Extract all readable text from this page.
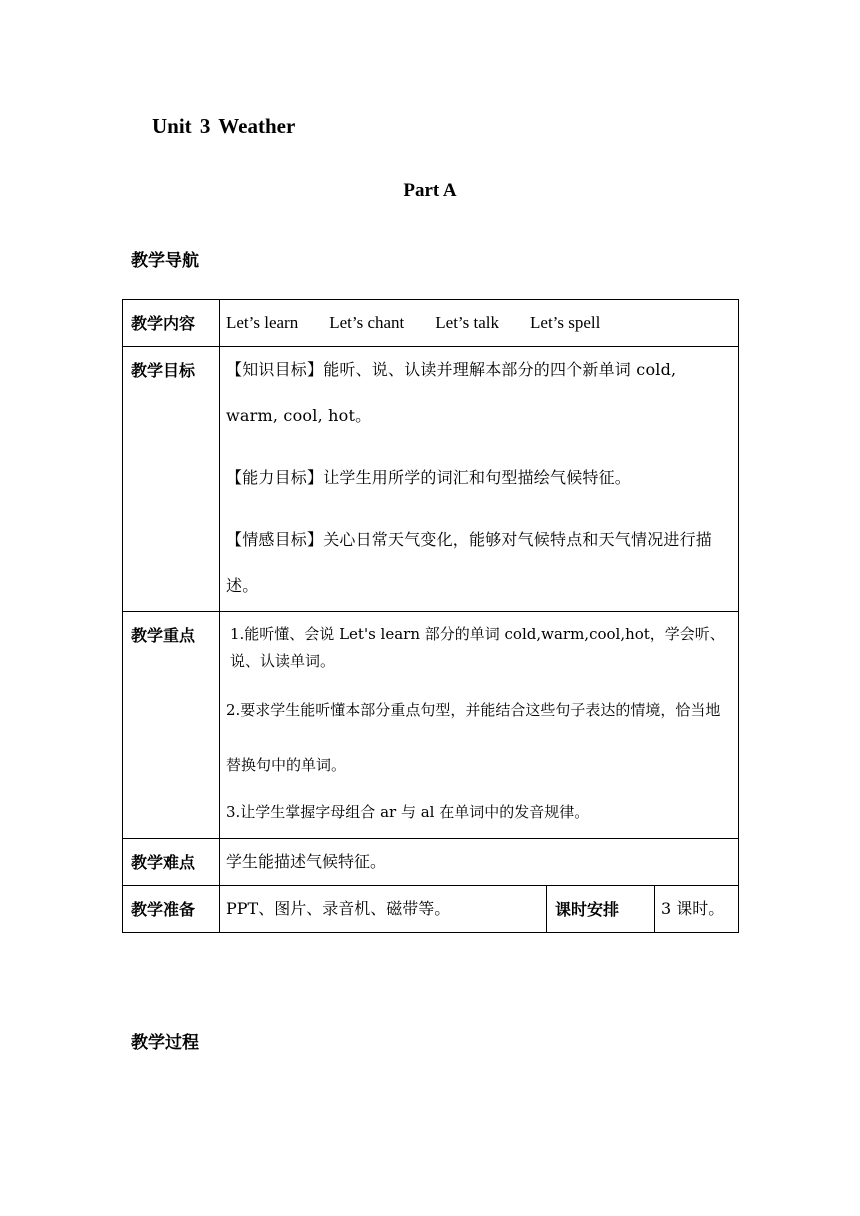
Unit 3 Weather
Part A
教学导航
教学内容	Let’s learn Let’s chant Let’s talk Let’s spell		

教学目标	【知识目标】能听、说、认读并理解本部分的四个新单词 cold, warm, cool, hot。
【能力目标】让学生用所学的词汇和句型描绘气候特征。
【情感目标】关心日常天气变化，能够对气候特点和天气情况进行描述。		

教学重点	1.能听懂、会说 Let's learn 部分的单词 cold,warm,cool,hot，学会听、说、认读单词。
2.要求学生能听懂本部分重点句型，并能结合这些句子表达的情境，恰当地替换句中的单词。
3.让学生掌握字母组合 ar 与 al 在单词中的发音规律。		

教学难点	学生能描述气候特征。		

教学准备	PPT、图片、录音机、磁带等。	课时安排	3 课时。
教学过程
